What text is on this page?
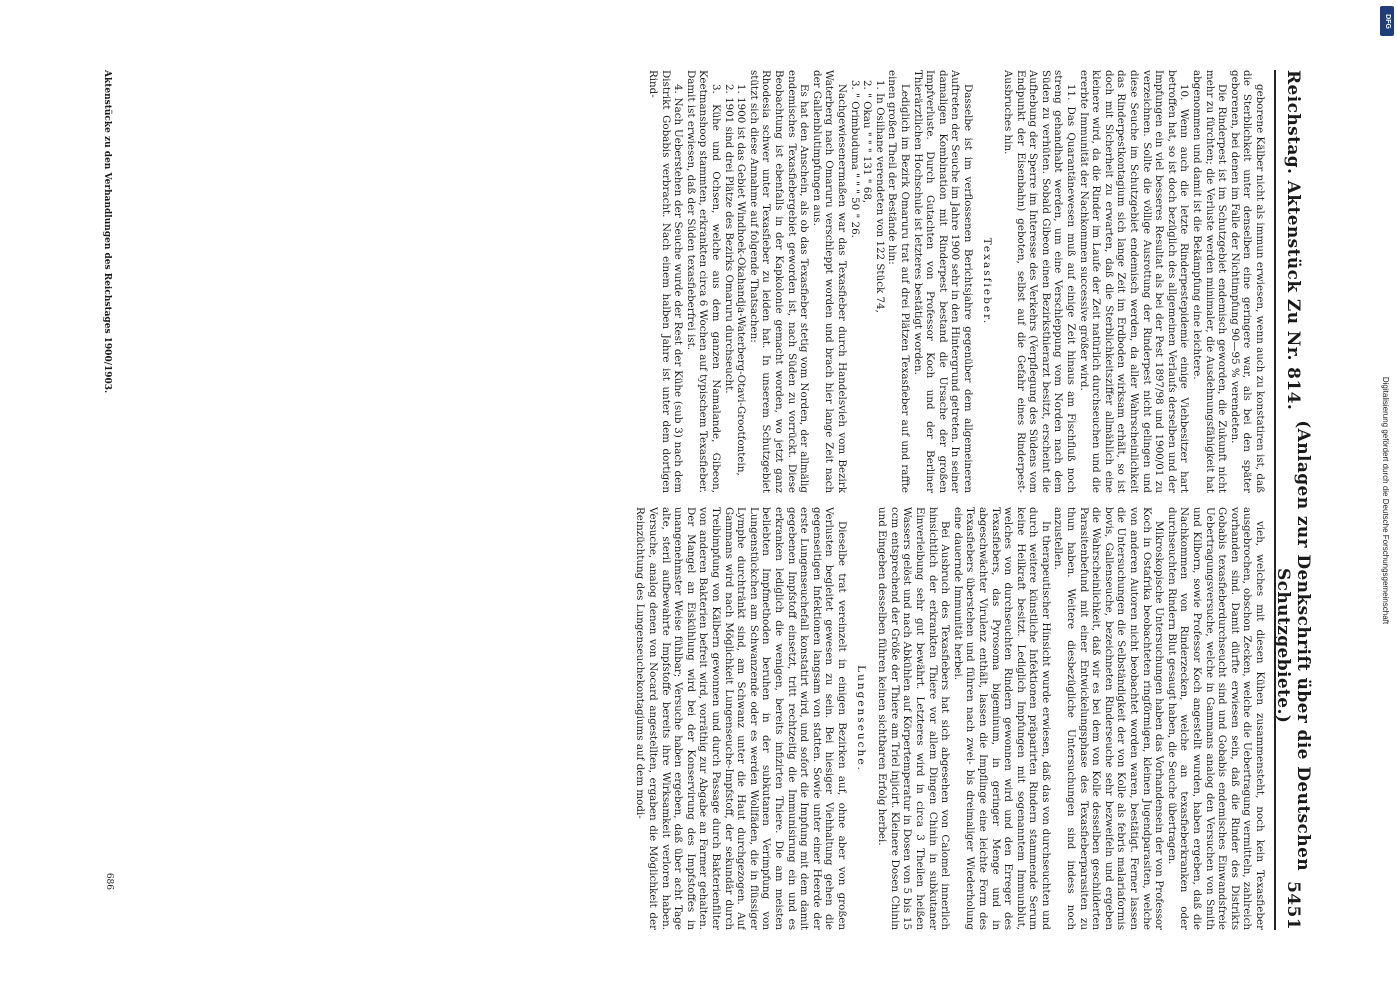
Reichstag. Aktenstück Zu Nr. 814.
(Anlagen zur Denkschrift über die Deutschen Schutzgebiete.)
5451

geborene Kälber nicht als immun erwiesen, wenn auch zu konstatiren ist, daß die Sterblichkeit unter denselben eine geringere war, als bei den später geborenen, bei denen im Falle der Nichtimpfung 90—95 % verendeten.

Die Rinderpest ist im Schutzgebiet endemisch geworden, die Zukunft nicht mehr zu fürchten; die Verluste werden minimaler, die Ausdehnungsfähigkeit hat abgenommen und damit ist die Bekämpfung eine leichtere.

10. Wenn auch die letzte Rinderpestepidemie einige Viehbesitzer hart betroffen hat, so ist doch bezüglich des allgemeinen Verlaufs derselben und der Impfungen ein viel besseres Resultat als bei der Pest 1897/98 und 1900/01 zu verzeichnen. Sollte die völlige Ausrottung der Rinderpest nicht gelingen und diese Seuche im Schutzgebiet endemisch werden, da aller Wahrscheinlichkeit das Rinderpestkontagium sich lange Zeit im Erdboden wirksam erhält, so ist doch mit Sicherheit zu erwarten, daß die Sterblichkeitsziffer allmählich eine kleinere wird, da die Rinder im Laufe der Zeit natürlich durchseuchen und die ererbte Immunität der Nachkommen successive größer wird.

11. Das Quarantänewesen muß auf einige Zeit hinaus am Fischfluß noch streng gehandhabt werden, um eine Verschleppung vom Norden nach dem Süden zu verhüten. Sobald Gibeon einen Bezirksthierarzt besitzt, erscheint die Aufhebung der Sperre im Interesse des Verkehrs (Verpflegung des Südens vom Endpunkt der Eisenbahn) geboten, selbst auf die Gefahr eines Rinderpest-Ausbruches hin.

Texasfieber.

Dasselbe ist im verflossenen Berichtsjahre gegenüber dem allgemeineren Auftreten der Seuche im Jahre 1900 sehr in den Hintergrund getreten. In seiner damaligen Kombination mit Rinderpest bestand die Ursache der großen Impfverluste. Durch Gutachten von Professor Koch und der Berliner Thierärztlichen Hochschule ist letzteres bestätigt worden.

Lediglich im Bezirk Omaruru trat auf drei Plätzen Texasfieber auf und raffte einen großen Theil der Bestände hin:

1. In Osiihane verendeten von 122 Stück 74,

2. " Okau " " " 131 " 68,

3. " Orimbuduma " " " 50 " 26.

Nachgewiesenermaßen war das Texasfieber durch Handelsvieh vom Bezirk Waterberg nach Omaruru verschleppt worden und brach hier lange Zeit nach der Gallenblutimpfungen aus.

Es hat den Anschein, als ob das Texasfieber stetig vom Norden, der allmälig endemisches Texasfiebergebiet geworden ist, nach Süden zu vorrückt. Diese Beobachtung ist ebenfalls in der Kapkolonie gemacht worden, wo jetzt ganz Rhodesia schwer unter Texasfieber zu leiden hat. In unserem Schutzgebiet stützt sich diese Annahme auf folgende Thatsachen:

1. 1900 ist das Gebiet Windhoek-Okahandja-Waterberg-Otavi-Grootfontein,

2. 1901 sind drei Plätze des Bezirks Omaruru durchseucht.

3. Kühe und Ochsen, welche aus dem ganzen Namalande, Gibeon, Keetmanshoop stammten, erkrankten circa 6 Wochen auf typischem Texasfieber. Damit ist erwiesen, daß der Süden texasfieberfrei ist.

4. Nach Ueberstehen der Seuche wurde der Rest der Kühe (sub 3) nach dem Distrikt Gobabis verbracht. Nach einem halben Jahre ist unter dem dortigen Rind-

vieh, welches mit diesen Kühen zusammensteht, noch kein Texasfieber ausgebrochen, obschon Zecken, welche die Uebertragung vermitteln, zahlreich vorhanden sind. Damit dürfte erwiesen sein, daß die Rinder des Distrikts Gobabis texasfieberdurchseucht sind und Gobabis endemisches Einwandsfreie Uebertragungsversuche, welche in Gammans analog den Versuchen von Smith und Kilborn, sowie Professor Koch angestellt wurden, haben ergeben, daß die Nachkommen von Rinderzecken, welche an texasfieberkranken oder durchseuchten Rindern Blut gesaugt haben, die Seuche übertragen.

Mikroskopische Untersuchungen haben das Vorhandensein der von Professor Koch in Ostafrika beobachteten ringförmigen, kleinen Jugendparasiten, welche von anderen Autoren nicht beobachtet worden waren, bestätigt. Ferner lassen die Untersuchungen die Selbständigkeit der von Kolle als febris malariaformis bovis, Gallenseuche, bezeichneten Rinderseuche sehr bezweifeln und ergeben die Wahrscheinlichkeit, daß wir es bei dem von Kolle desselben geschilderten Parasitenbefund mit einer Entwickelungsphase des Texasfieberparasiten zu thun haben. Weitere diesbezügliche Untersuchungen sind indess noch anzustellen.

In therapeutischer Hinsicht wurde erwiesen, daß das von durchseuchten und durch weitere künstliche Infektionen präparirten Rindern stammende Serum keine Heilkraft besitzt. Lediglich Impfungen mit sogenanntem Immunblut, welches von durchseuchten Rindern gewonnen wird und den Erreger des Texasfiebers, das Pyrosoma bigeminum, in geringer Menge und in abgeschwächter Virulenz enthält, lassen die Impflinge eine leichte Form des Texasfiebers überstehen und führen nach zwei- bis dreimaliger Wiederholung eine dauernde Immunität herbei.

Bei Ausbruch des Texasfiebers hat sich abgesehen von Calomel innerlich hinsichtlich der erkrankten Thiere vor allem Dingen Chinin in subkutaner Einverleibung sehr gut bewährt. Letzteres wird in circa 3 Theilen heißen Wassers gelöst und nach Abkühlen auf Körpertemperatur in Dosen von 5 bis 15 ccm entsprechend der Größe der Thiere am Triel injicirt. Kleinere Dosen Chinin und Eingeben desselben führen keinen sichtbaren Erfolg herbei.

Lungenseuche.

Dieselbe trat vereinzelt in einigen Bezirken auf, ohne aber von großen Verlusten begleitet gewesen zu sein. Bei hiesiger Viehhaltung gehen die gegenseitigen Infektionen langsam von statten. Sowie unter einer Heerde der erste Lungenseuchefall konstatirt wird, und sofort die Impfung mit dem damit gegebenen Impfstoff einsetzt, tritt rechtzeitig die Immunisirung ein und es erkranken lediglich die wenigen, bereits infizirten Thiere. Die am meisten beliebten Impfmethoden beruhen in der subkutanen Verimpfung von Lungenstückchen am Schwanzende oder es werden Wollfäden, die in flüssiger Lymphe durchtränkt sind, am Schwanz unter die Haut durchgezogen. Auf Gammans wird nach Möglichkeit Lungenseuche-Impfstoff, der sekundär durch Treibimpfung von Kälbern gewonnen und durch Passage durch Bakterienfilter von anderen Bakterien befreit wird, vorräthig zur Abgabe an Farmer gehalten. Der Mangel an Eiskühlung wird bei der Konservirung des Impfstoffes in unangenehmster Weise fühlbar; Versuche haben ergeben, daß über acht Tage alte, steril aufbewahrte Impfstoffe bereits ihre Wirksamkeit verloren haben. Versuche, analog denen von Nocard angestellten, ergaben die Möglichkeit der Reinzüchtung des Lungenseuchekontagiums auf dem modi-

Aktenstücke zu den Verhandlungen des Reichstages 1900/1903.
686
DFG
Digitalisierung gefördert durch die Deutsche Forschungsgemeinschaft
